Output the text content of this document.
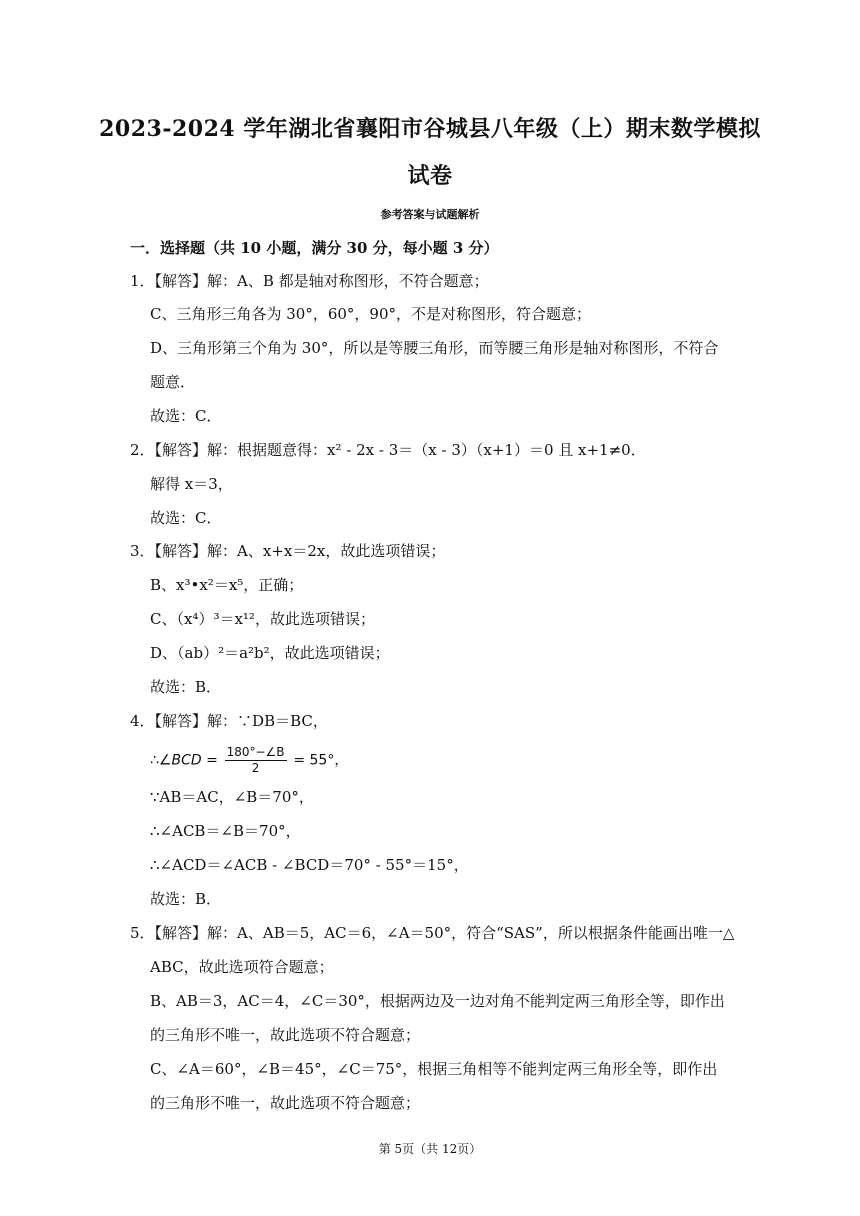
2023-2024 学年湖北省襄阳市谷城县八年级（上）期末数学模拟
试卷
参考答案与试题解析
一．选择题（共 10 小题，满分 30 分，每小题 3 分）
1．【解答】解：A、B 都是轴对称图形，不符合题意；
C、三角形三角各为 30°，60°，90°，不是对称图形，符合题意；
D、三角形第三个角为 30°，所以是等腰三角形，而等腰三角形是轴对称图形，不符合
题意．
故选：C．
2．【解答】解：根据题意得：x² - 2x - 3＝（x - 3）（x+1）＝0 且 x+1≠0．
解得 x＝3，
故选：C．
3．【解答】解：A、x+x＝2x，故此选项错误；
B、x³•x²＝x⁵，正确；
C、（x⁴）³＝x¹²，故此选项错误；
D、（ab）²＝a²b²，故此选项错误；
故选：B．
4．【解答】解：∵DB＝BC，
∴∠BCD = $\frac{180^\circ-\angle B}{2} = 55^\circ$，
∵AB＝AC，∠B＝70°，
∴∠ACB＝∠B＝70°，
∴∠ACD＝∠ACB - ∠BCD＝70° - 55°＝15°，
故选：B．
5．【解答】解：A、AB＝5，AC＝6，∠A＝50°，符合“SAS”，所以根据条件能画出唯一△
ABC，故此选项符合题意；
B、AB＝3，AC＝4，∠C＝30°，根据两边及一边对角不能判定两三角形全等，即作出
的三角形不唯一，故此选项不符合题意；
C、∠A＝60°，∠B＝45°，∠C＝75°，根据三角相等不能判定两三角形全等，即作出
的三角形不唯一，故此选项不符合题意；
第 5页（共 12页）
